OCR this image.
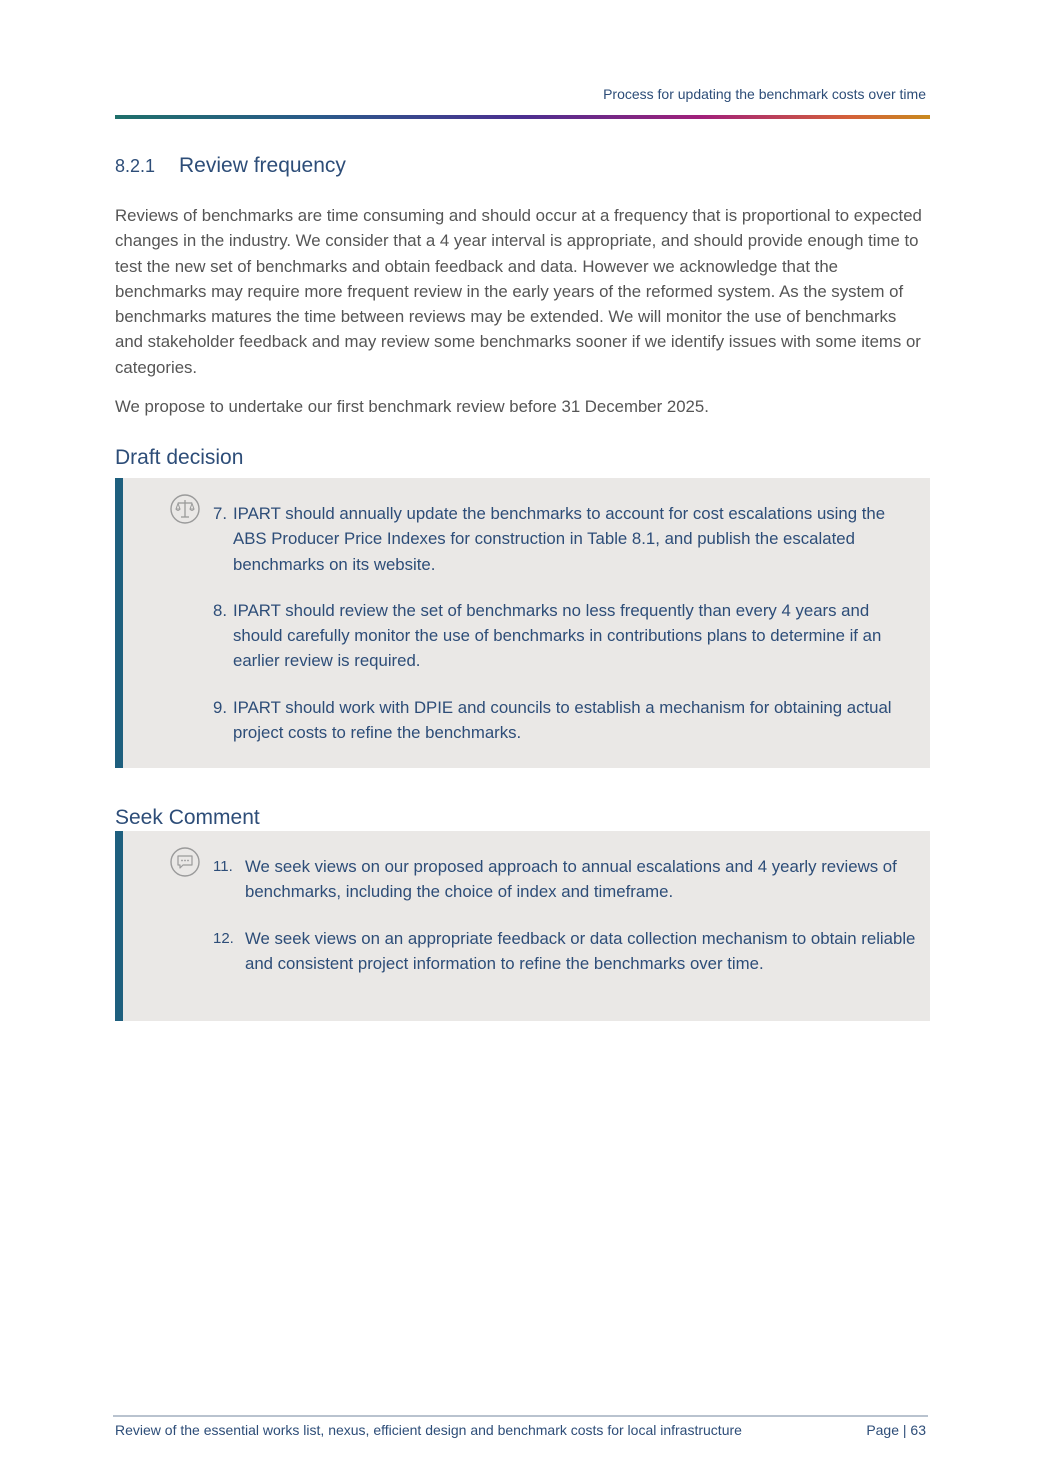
Process for updating the benchmark costs over time
8.2.1 Review frequency

Reviews of benchmarks are time consuming and should occur at a frequency that is proportional to expected changes in the industry. We consider that a 4 year interval is appropriate, and should provide enough time to test the new set of benchmarks and obtain feedback and data. However we acknowledge that the benchmarks may require more frequent review in the early years of the reformed system. As the system of benchmarks matures the time between reviews may be extended. We will monitor the use of benchmarks and stakeholder feedback and may review some benchmarks sooner if we identify issues with some items or categories.

We propose to undertake our first benchmark review before 31 December 2025.

Draft decision
7. IPART should annually update the benchmarks to account for cost escalations using the ABS Producer Price Indexes for construction in Table 8.1, and publish the escalated benchmarks on its website.
8. IPART should review the set of benchmarks no less frequently than every 4 years and should carefully monitor the use of benchmarks in contributions plans to determine if an earlier review is required.
9. IPART should work with DPIE and councils to establish a mechanism for obtaining actual project costs to refine the benchmarks.
Seek Comment
11. We seek views on our proposed approach to annual escalations and 4 yearly reviews of benchmarks, including the choice of index and timeframe.
12. We seek views on an appropriate feedback or data collection mechanism to obtain reliable and consistent project information to refine the benchmarks over time.
Review of the essential works list, nexus, efficient design and benchmark costs for local infrastructure	Page | 63
